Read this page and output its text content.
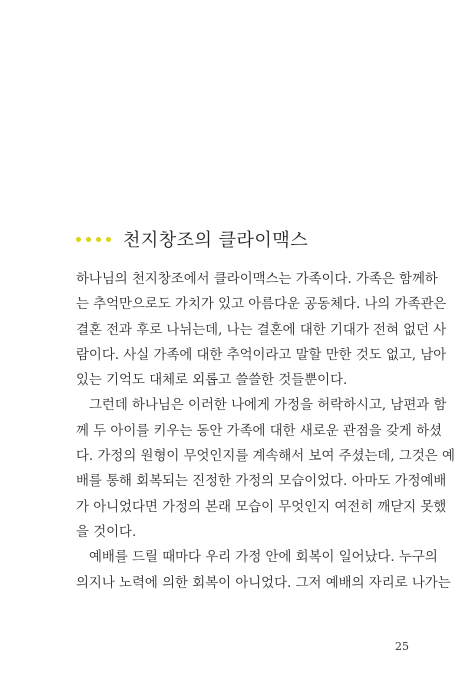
천지창조의 클라이맥스
하나님의 천지창조에서 클라이맥스는 가족이다. 가족은 함께하
는 추억만으로도 가치가 있고 아름다운 공동체다. 나의 가족관은
결혼 전과 후로 나뉘는데, 나는 결혼에 대한 기대가 전혀 없던 사
람이다. 사실 가족에 대한 추억이라고 말할 만한 것도 없고, 남아
있는 기억도 대체로 외롭고 쓸쓸한 것들뿐이다.
그런데 하나님은 이러한 나에게 가정을 허락하시고, 남편과 함
께 두 아이를 키우는 동안 가족에 대한 새로운 관점을 갖게 하셨
다. 가정의 원형이 무엇인지를 계속해서 보여 주셨는데, 그것은 예
배를 통해 회복되는 진정한 가정의 모습이었다. 아마도 가정예배
가 아니었다면 가정의 본래 모습이 무엇인지 여전히 깨닫지 못했
을 것이다.
예배를 드릴 때마다 우리 가정 안에 회복이 일어났다. 누구의
의지나 노력에 의한 회복이 아니었다. 그저 예배의 자리로 나가는
25
